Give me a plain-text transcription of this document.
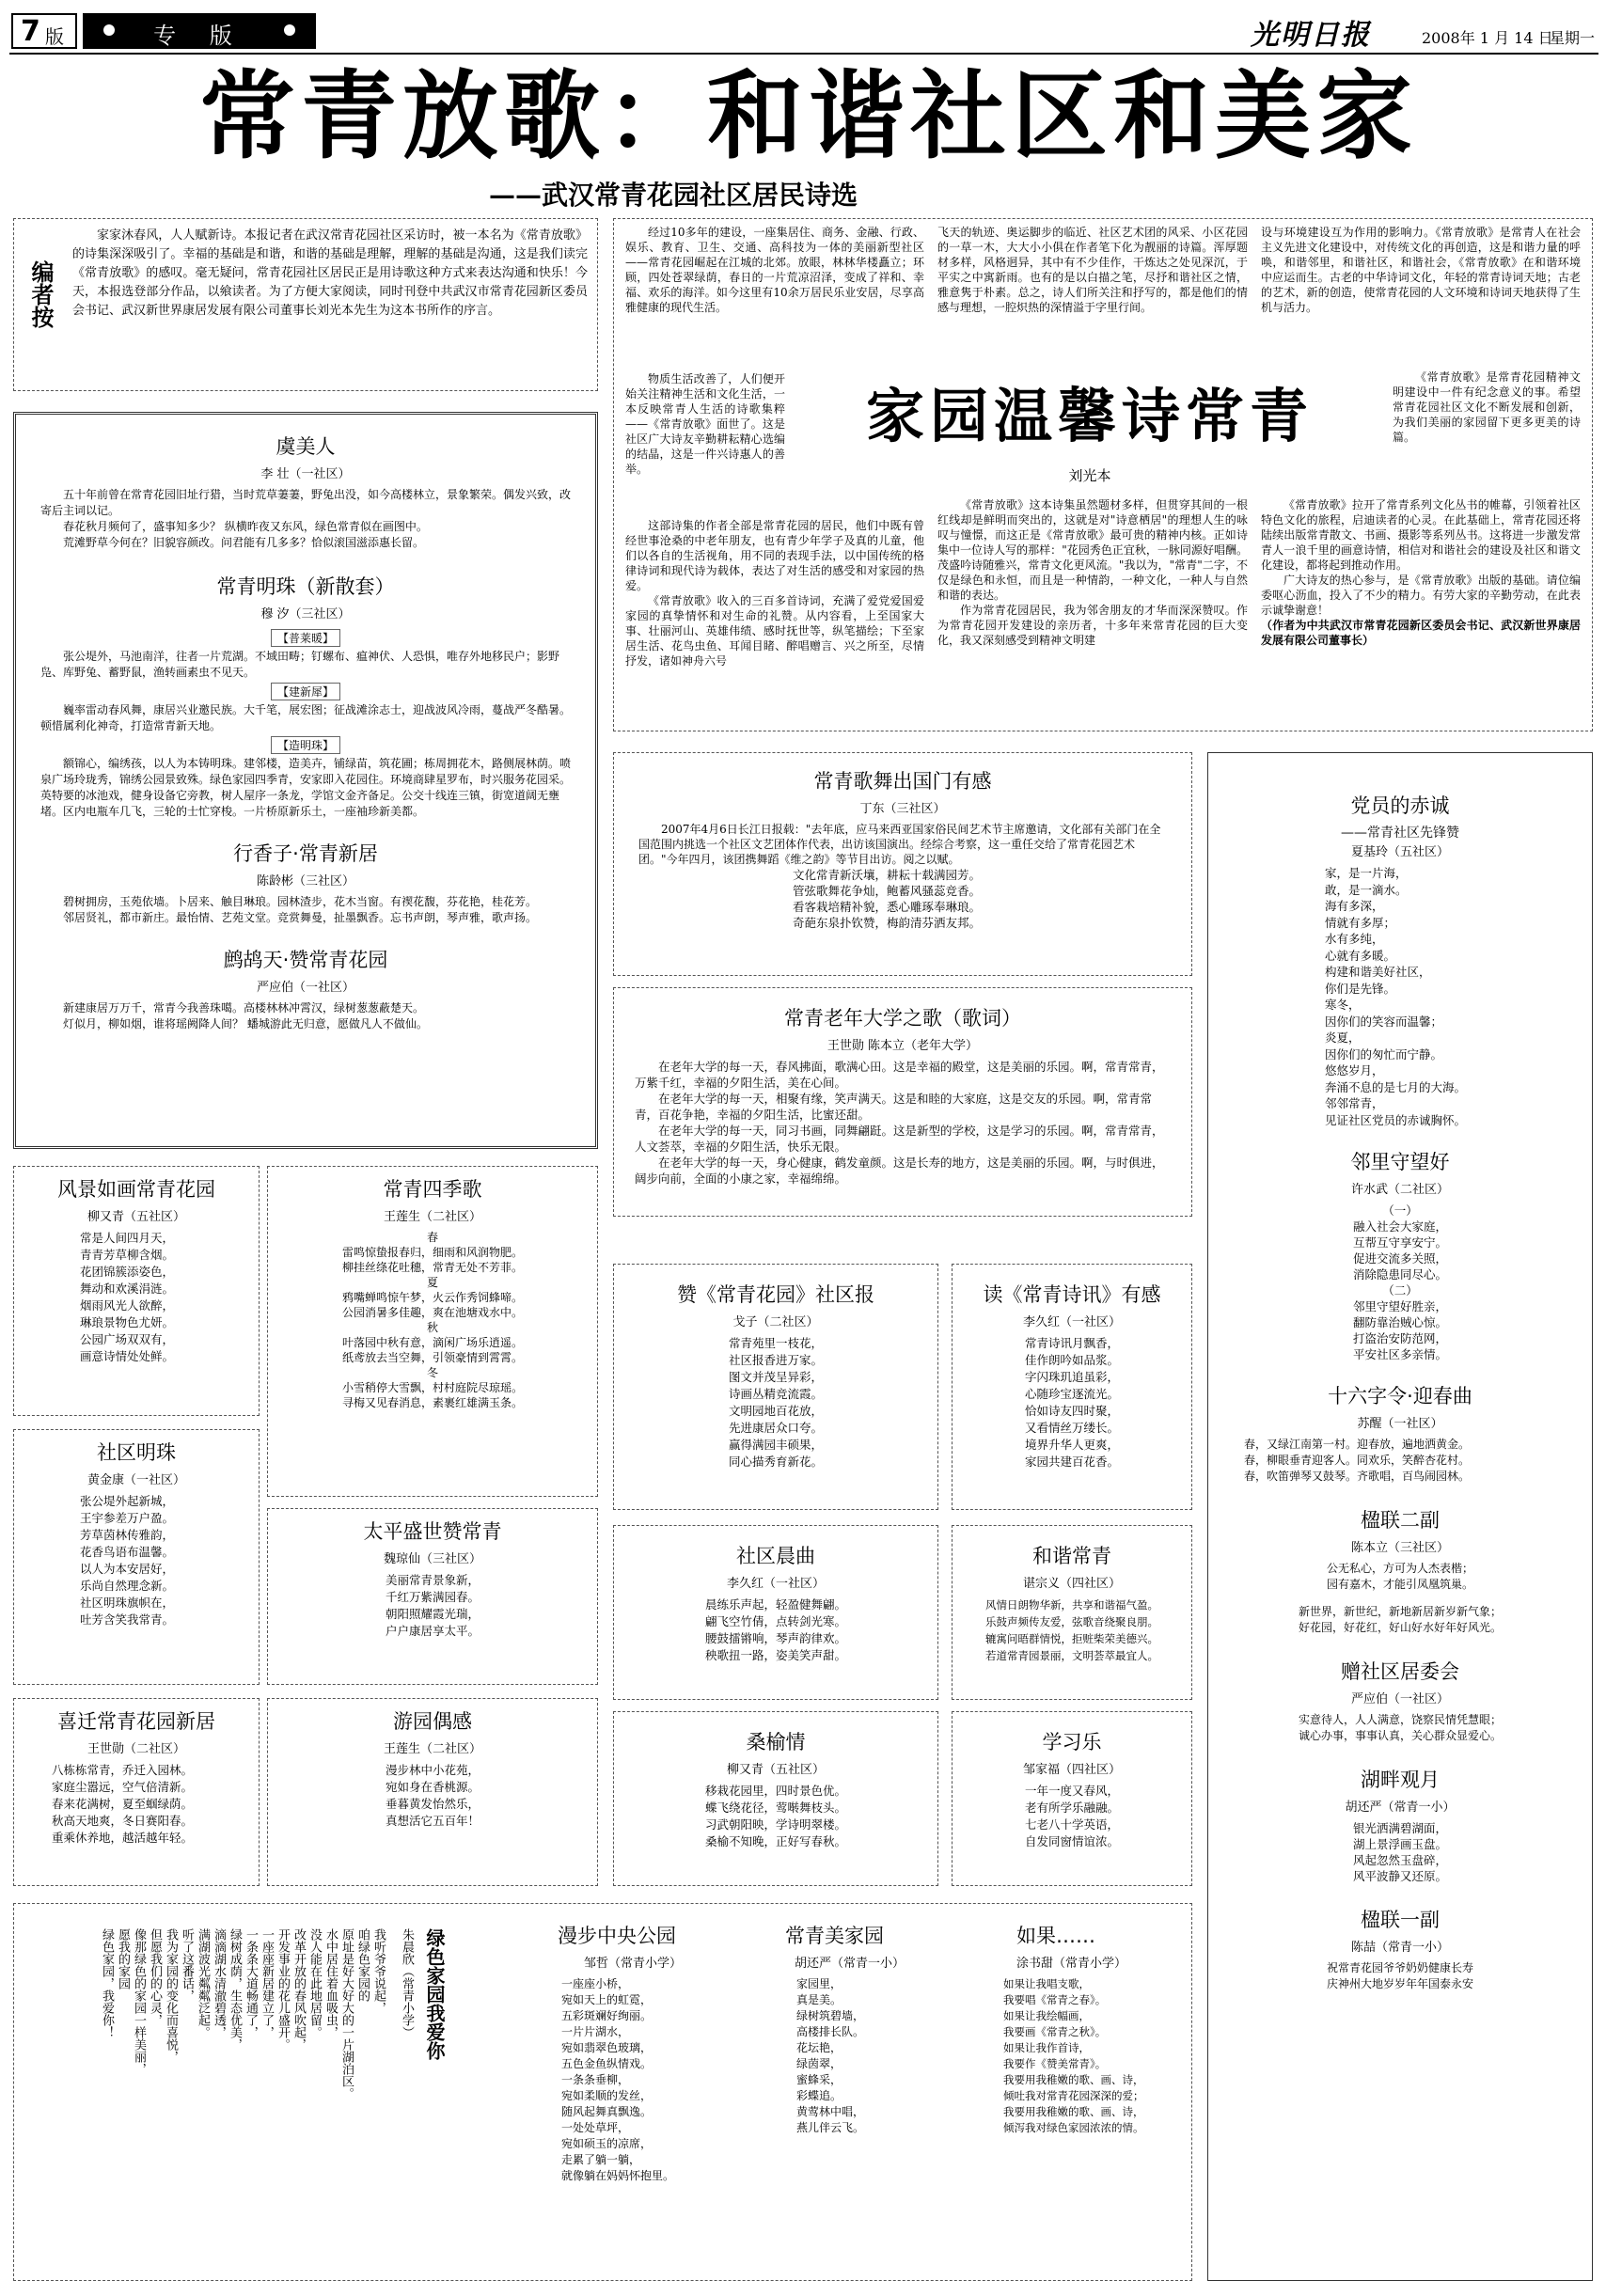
7 版	专 版	光明日报	2008年 1 月 14 日
星期一
常青放歌：和谐社区和美家
——武汉常青花园社区居民诗选
编者按
家家沐春风，人人赋新诗。本报记者在武汉常青花园社区采访时，被一本名为《常青放歌》的诗集深深吸引了。幸福的基础是和谐，和谐的基础是理解，理解的基础是沟通，这是我们读完《常青放歌》的感叹。毫无疑问，常青花园社区居民正是用诗歌这种方式来表达沟通和快乐！今天，本报选登部分作品，以飨读者。为了方便大家阅读，同时刊登中共武汉市常青花园新区委员会书记、武汉新世界康居发展有限公司董事长刘光本先生为这本书所作的序言。
经过10多年的建设，一座集居住、商务、金融、行政、娱乐、教育、卫生、交通、高科技为一体的美丽新型社区——常青花园崛起在江城的北郊。放眼，林林华楼矗立；环顾，四处苍翠绿荫，春日的一片荒凉沼泽，变成了祥和、幸福、欢乐的海洋。如今这里有10余万居民乐业安居，尽享高雅健康的现代生活。
物质生活改善了，人们便开始关注精神生活和文化生活，一本反映常青人生活的诗歌集粹——《常青放歌》面世了。这是社区广大诗友辛勤耕耘精心选编的结晶，这是一件兴诗惠人的善举。
这部诗集的作者全部是常青花园的居民，他们中既有曾经世事沧桑的中老年朋友，也有青少年学子及真的儿童，他们以各自的生活视角，用不同的表现手法，以中国传统的格律诗词和现代诗为载体，表达了对生活的感受和对家园的热爱。
《常青放歌》收入的三百多首诗词，充满了爱党爱国爱家园的真挚情怀和对生命的礼赞。从内容看，上至国家大事、壮丽河山、英雄伟绩、感时抚世等，纵笔描绘；下至家居生活、花鸟虫鱼、耳闻目睹、醉唱赠言、兴之所至，尽情抒发，诸如神舟六号
飞天的轨迹、奥运脚步的临近、社区艺术团的风采、小区花园的一草一木，大大小小俱在作者笔下化为靓丽的诗篇。浑厚题材多样，风格迥异，其中有不少佳作，干炼达之处见深沉，于平实之中寓新雨。也有的是以白描之笔，尽抒和谐社区之情，雅意隽于朴素。总之，诗人们所关注和抒写的，都是他们的情感与理想，一腔炽热的深情溢于字里行间。
家园温馨诗常青
刘光本
《常青放歌》这本诗集虽然题材多样，但贯穿其间的一根红线却是鲜明而突出的，这就是对"诗意栖居"的理想人生的咏叹与憧憬，而这正是《常青放歌》最可贵的精神内核。正如诗集中一位诗人写的那样："花园秀色正宜秋，一脉同源好唱酬。茂盛吟诗随雅兴，常青文化更风流。"我以为，"常青"二字，不仅是绿色和永恒，而且是一种情韵，一种文化，一种人与自然和谐的表达。
作为常青花园居民，我为邻舍朋友的才华而深深赞叹。作为常青花园开发建设的亲历者，十多年来常青花园的巨大变化，我又深刻感受到精神文明建
设与环境建设互为作用的影响力。《常青放歌》是常青人在社会主义先进文化建设中，对传统文化的再创造，这是和谐力量的呼唤，和谐邻里，和谐社区，和谐社会，《常青放歌》在和谐环境中应运而生。古老的中华诗词文化，年轻的常青诗词天地；古老的艺术，新的创造，使常青花园的人文环境和诗词天地获得了生机与活力。
《常青放歌》是常青花园精神文明建设中一件有纪念意义的事。希望常青花园社区文化不断发展和创新，为我们美丽的家园留下更多更美的诗篇。
《常青放歌》拉开了常青系列文化丛书的帷幕，引领着社区特色文化的旅程，启迪读者的心灵。在此基础上，常青花园还将陆续出版常青散文、书画、摄影等系列丛书。这将进一步激发常青人一浪千里的画意诗情，相信对和谐社会的建设及社区和谐文化建设，都将起到推动作用。
广大诗友的热心参与，是《常青放歌》出版的基础。请位编委呕心沥血，投入了不少的精力。有劳大家的辛勤劳动，在此表示诚挚谢意！
（作者为中共武汉市常青花园新区委员会书记、武汉新世界康居发展有限公司董事长）
虞美人
李 壮（一社区）
五十年前曾在常青花园旧址行猎，当时荒草萋萋，野兔出没，如今高楼林立，景象繁荣。偶发兴致，改寄后主词以记。
春花秋月频何了，盛事知多少？ 纵横昨夜又东风，绿色常青似在画图中。
荒滩野草今何在？旧貌容颜改。问君能有几多多？恰似滚国滋添惠长留。
常青明珠（新散套）
穆 汐（三社区）
【普莱暖】
张公堤外，马池南洋，往者一片荒湖。不域田畴；钉螺布、瘟神伏、人恐惧，唯存外地移民户；影野凫、库野兔、蓄野鼠，渔转画素虫不见天。
【建新犀】
巍率雷动春风舞，康居兴业邀民族。大千笔，展宏图；征战滩涂志士，迎战波风冷雨，蔓战严冬酷暑。顿惜属利化神奇，打造常青新天地。
【造明珠】
额锦心，编绣孩，以人为本铸明珠。建邻楼，造美卉，铺绿苗，筑花圃；栋周拥花木，路侧展林荫。喷泉广场玲珑秀，锦绣公园景致殊。绿色家园四季青，安家即入花园住。环境商肆星罗布，时兴服务花园采。英特要的冰池戏，健身设备它旁教，树人屋序一条龙，学馆文金齐备足。公交十线连三镇，街宽道阔无壅堵。区内电瓶车几飞，三轮的士忙穿梭。一片桥原新乐土，一座袖珍新美都。
行香子·常青新居
陈龄彬（三社区）
碧树拥房，玉苑依墙。卜居来、触目琳琅。园林渣步，花木当窗。有禊花馥，芬花艳，桂花芳。
邻居贤礼，都市新庄。最怡情、艺苑文堂。竞赏舞曼，扯墨飘香。忘书声朗，琴声雅，歌声扬。
鹧鸪天·赞常青花园
严应伯（一社区）
新建康居万万千，常青今我善珠噶。高楼林林冲霄汉，绿树葱葱蔽楚天。
灯似月，柳如烟，谁将瑶阙降人间？ 蟠城游此无归意，愿做凡人不做仙。
风景如画常青花园
柳又青（五社区）
常是人间四月天，
青青芳草柳含烟。
花团锦簇添姿色，
舞动和欢溪涓涟。
烟雨风光人欲醉，
琳琅景物色尤妍。
公园广场双双有，
画意诗情处处鲜。
常青四季歌
王莲生（二社区）
春
雷鸣惊蛰报春归，细雨和风润物肥。
柳挂丝绦花吐穗，常青无处不芳菲。
夏
鸦嘴蝉鸣惊午梦，火云作秀饲蜂啼。
公园消暑多佳趣，爽在池塘戏水中。
秋
叶落园中秋有意，滴闲广场乐逍遥。
纸鸢放去当空舞，引领豪情到霄霄。
冬
小雪稍停大雪飘，村村庭院尽琼瑶。
寻梅又见春消息，素裹红雄满玉条。
社区明珠
黄金康（一社区）
张公堤外起新城，
王宇参差万户盈。
芳草茵林传雅韵，
花香鸟语布温馨。
以人为本安居好，
乐尚自然理念新。
社区明珠旗帜在，
吐芳含笑我常青。
太平盛世赞常青
魏琼仙（三社区）
美丽常青景象新，
千红万紫满园春。
朝阳照耀霞光瑞，
户户康居享太平。
喜迁常青花园新居
王世勋（二社区）
八栋栋常青，乔迁入园林。
家庭尘嚣远，空气倍清新。
春来花满树，夏至蝈绿荫。
秋高天地爽，冬日赛阳春。
重乘休养地，越活越年轻。
游园偶感
王莲生（二社区）
漫步林中小花苑，
宛如身在香桃源。
垂暮黄发怡然乐，
真想活它五百年！
常青歌舞出国门有感
丁东（三社区）
2007年4月6日长江日报载："去年底，应马来西亚国家俗民间艺术节主席邀请，文化部有关部门在全国范围内挑选一个社区文艺团体作代表，出访该国演出。经综合考察，这一重任交给了常青花园艺术团。"今年四月，该团携舞蹈《维之韵》等节目出访。阅之以赋。
文化常青新沃壤，耕耘十载满园芳。
管弦歌舞花争灿，鲍蓄风骚蕊竞香。
看客栽培精补貌，悉心雕琢奉琳琅。
奇葩东泉扑钦赞，梅韵清芬洒友邦。
常青老年大学之歌（歌词）
王世勋 陈本立（老年大学）
在老年大学的每一天，春风拂面，歌满心田。这是幸福的殿堂，这是美丽的乐园。啊，常青常青，万紫千红，幸福的夕阳生活，美在心间。
在老年大学的每一天，相聚有缘，笑声满天。这是和睦的大家庭，这是交友的乐园。啊，常青常青，百花争艳，幸福的夕阳生活，比蜜还甜。
在老年大学的每一天，同习书画，同舞翩跹。这是新型的学校，这是学习的乐园。啊，常青常青，人文荟萃，幸福的夕阳生活，快乐无限。
在老年大学的每一天，身心健康，鹤发童颜。这是长寿的地方，这是美丽的乐园。啊，与时俱进，阔步向前，全面的小康之家，幸福绵绵。
赞《常青花园》社区报
戈子（二社区）
常青苑里一枝花，
社区报香进万家。
图文并茂呈异彩，
诗画丛精竞流霞。
文明园地百花放，
先进康居众口夸。
赢得满园丰硕果，
同心描秀育新花。
读《常青诗讯》有感
李久红（一社区）
常青诗讯月飘香，
佳作朗吟如品浆。
字闪珠玑追虽彩，
心随珍宝逐流光。
恰如诗友四时聚，
又看情丝万缕长。
境界升华人更爽，
家园共建百花香。
社区晨曲
李久红（一社区）
晨练乐声起，轻盈健舞翩。
翩飞空竹倩，点转剑光寒。
腰鼓擂锵响，琴声韵律欢。
秧歌扭一路，姿美笑声甜。
和谐常青
谌宗义（四社区）
风情日朗物华新，共享和谐福气盈。
乐鼓声频传友爱，弦歌音绕聚良朋。
辘寓问晤群情悦，拒赃柴荣美德兴。
若道常青园景丽，文明荟萃最宜人。
桑榆情
柳又青（五社区）
移栽花园里，四时景色优。
蝶飞绕花径，莺啭舞枝头。
习武朝阳映，学诗明翠楼。
桑榆不知晚，正好写春秋。
学习乐
邹家福（四社区）
一年一度又春风，
老有所学乐融融。
七老八十学英语，
自发同窗情谊浓。
党员的赤诚
——常青社区先锋赞
夏基玲（五社区）
家，是一片海，
敢，是一滴水。
海有多深，
情就有多厚；
水有多纯，
心就有多暖。
构建和谐美好社区，
你们是先锋。
寒冬，
因你们的笑容而温馨；
炎夏，
因你们的匆忙而宁静。
悠悠岁月，
奔涌不息的是七月的大海。
邻邻常青，
见证社区党员的赤诚胸怀。
邻里守望好
许水武（二社区）
（一）
融入社会大家庭，
互帮互守享安宁。
促进交流多关照，
消除隐患同尽心。
（二）
邻里守望好胜亲，
翻防靠治贼心惊。
打盗治安防范网，
平安社区多亲情。
十六字令·迎春曲
苏醒（一社区）
春，又绿江南第一村。迎春放，遍地洒黄金。
春，柳眼垂青迎客人。同欢乐，笑醉杏花村。
春，吹笛弹琴又鼓琴。齐歌唱，百鸟闹园林。
楹联二副
陈本立（三社区）
公无私心，方可为人杰表楷；
园有嘉木，才能引凤凰筑巢。
新世界，新世纪，新地新居新岁新气象；
好花园，好花红，好山好水好年好风光。
赠社区居委会
严应伯（一社区）
实意待人，人人满意，饶察民情凭慧眼；
诚心办事，事事认真，关心群众显爱心。
湖畔观月
胡还严（常青一小）
银光洒满碧湖面，
湖上景浮画玉盘。
风起忽然玉盘碎，
风平波静又还原。
楹联一副
陈喆（常青一小）
祝常青花园爷爷奶奶健康长寿
庆神州大地岁岁年年国泰永安
绿色家园我爱你
朱晨欣（常青小学）
我听爷爷说起，
咱绿色家园的
原址是好大好大的一片湖泊区。
水中居住着血吸虫，
没人能在此地居留。
改革开放的春风吹起，
开发事业的花儿盛开。
一座座新居建立了，
一条条大道畅通了，
绿树成荫，生态优美，
滴滴湖水清澈碧透，
满湖波光粼粼泛起。
听了这番话，
我为家园的变化而喜悦，
但愿我们的心灵，
像那绿色的家园一样美丽，
愿我的家园
绿色家园，我爱你！	漫步中央公园
邹哲（常青小学）
一座座小桥，
宛如天上的虹霓，
五彩斑斓好绚丽。
一片片湖水，
宛如翡翠色玻璃，
五色金鱼纵情戏。
一条条垂柳，
宛如柔顺的发丝，
随风起舞真飘逸。
一处处草坪，
宛如硕玉的凉席，
走累了躺一躺，
就像躺在妈妈怀抱里。
常青美家园
胡还严（常青一小）
家园里，
真是美。
绿树筑碧墙，
高楼排长队。
花坛艳，
绿茵翠，
蜜蜂采，
彩蝶追。
黄莺林中唱，
燕儿伴云飞。
如果……
涂书甜（常青小学）
如果让我唱支歌，
我要唱《常青之春》。
如果让我绘幅画，
我要画《常青之秋》。
如果让我作首诗，
我要作《赞美常青》。
我要用我稚嫩的歌、画、诗，
倾吐我对常青花园深深的爱；
我要用我稚嫩的歌、画、诗，
倾泻我对绿色家园浓浓的情。
